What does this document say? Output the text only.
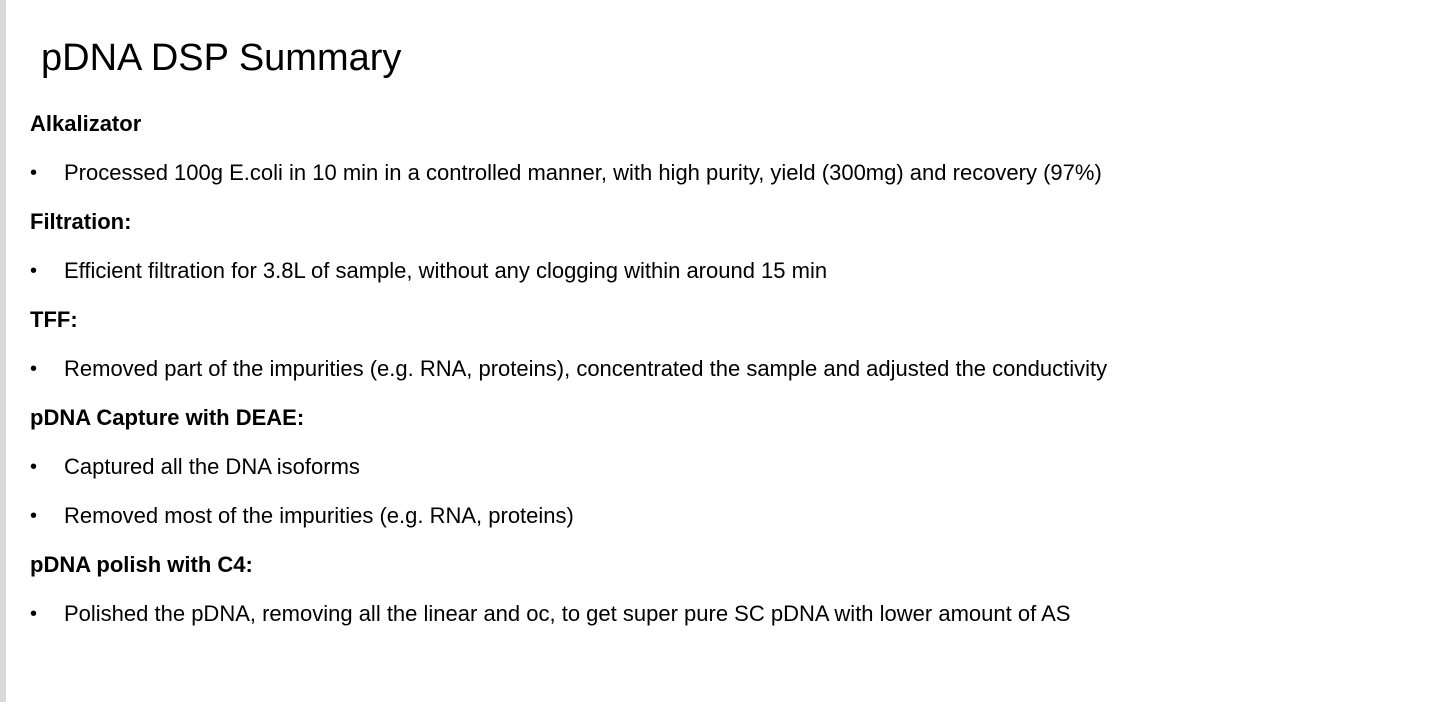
pDNA DSP Summary
Alkalizator
• Processed 100g E.coli in 10 min in a controlled manner, with high purity, yield (300mg) and recovery (97%)
Filtration:
• Efficient filtration for 3.8L of sample, without any clogging within around 15 min
TFF:
• Removed part of the impurities (e.g. RNA, proteins), concentrated the sample and adjusted the conductivity
pDNA Capture with DEAE:
• Captured all the DNA isoforms
• Removed most of the impurities (e.g. RNA, proteins)
pDNA polish with C4:
• Polished the pDNA, removing all the linear and oc, to get super pure SC pDNA with lower amount of AS
